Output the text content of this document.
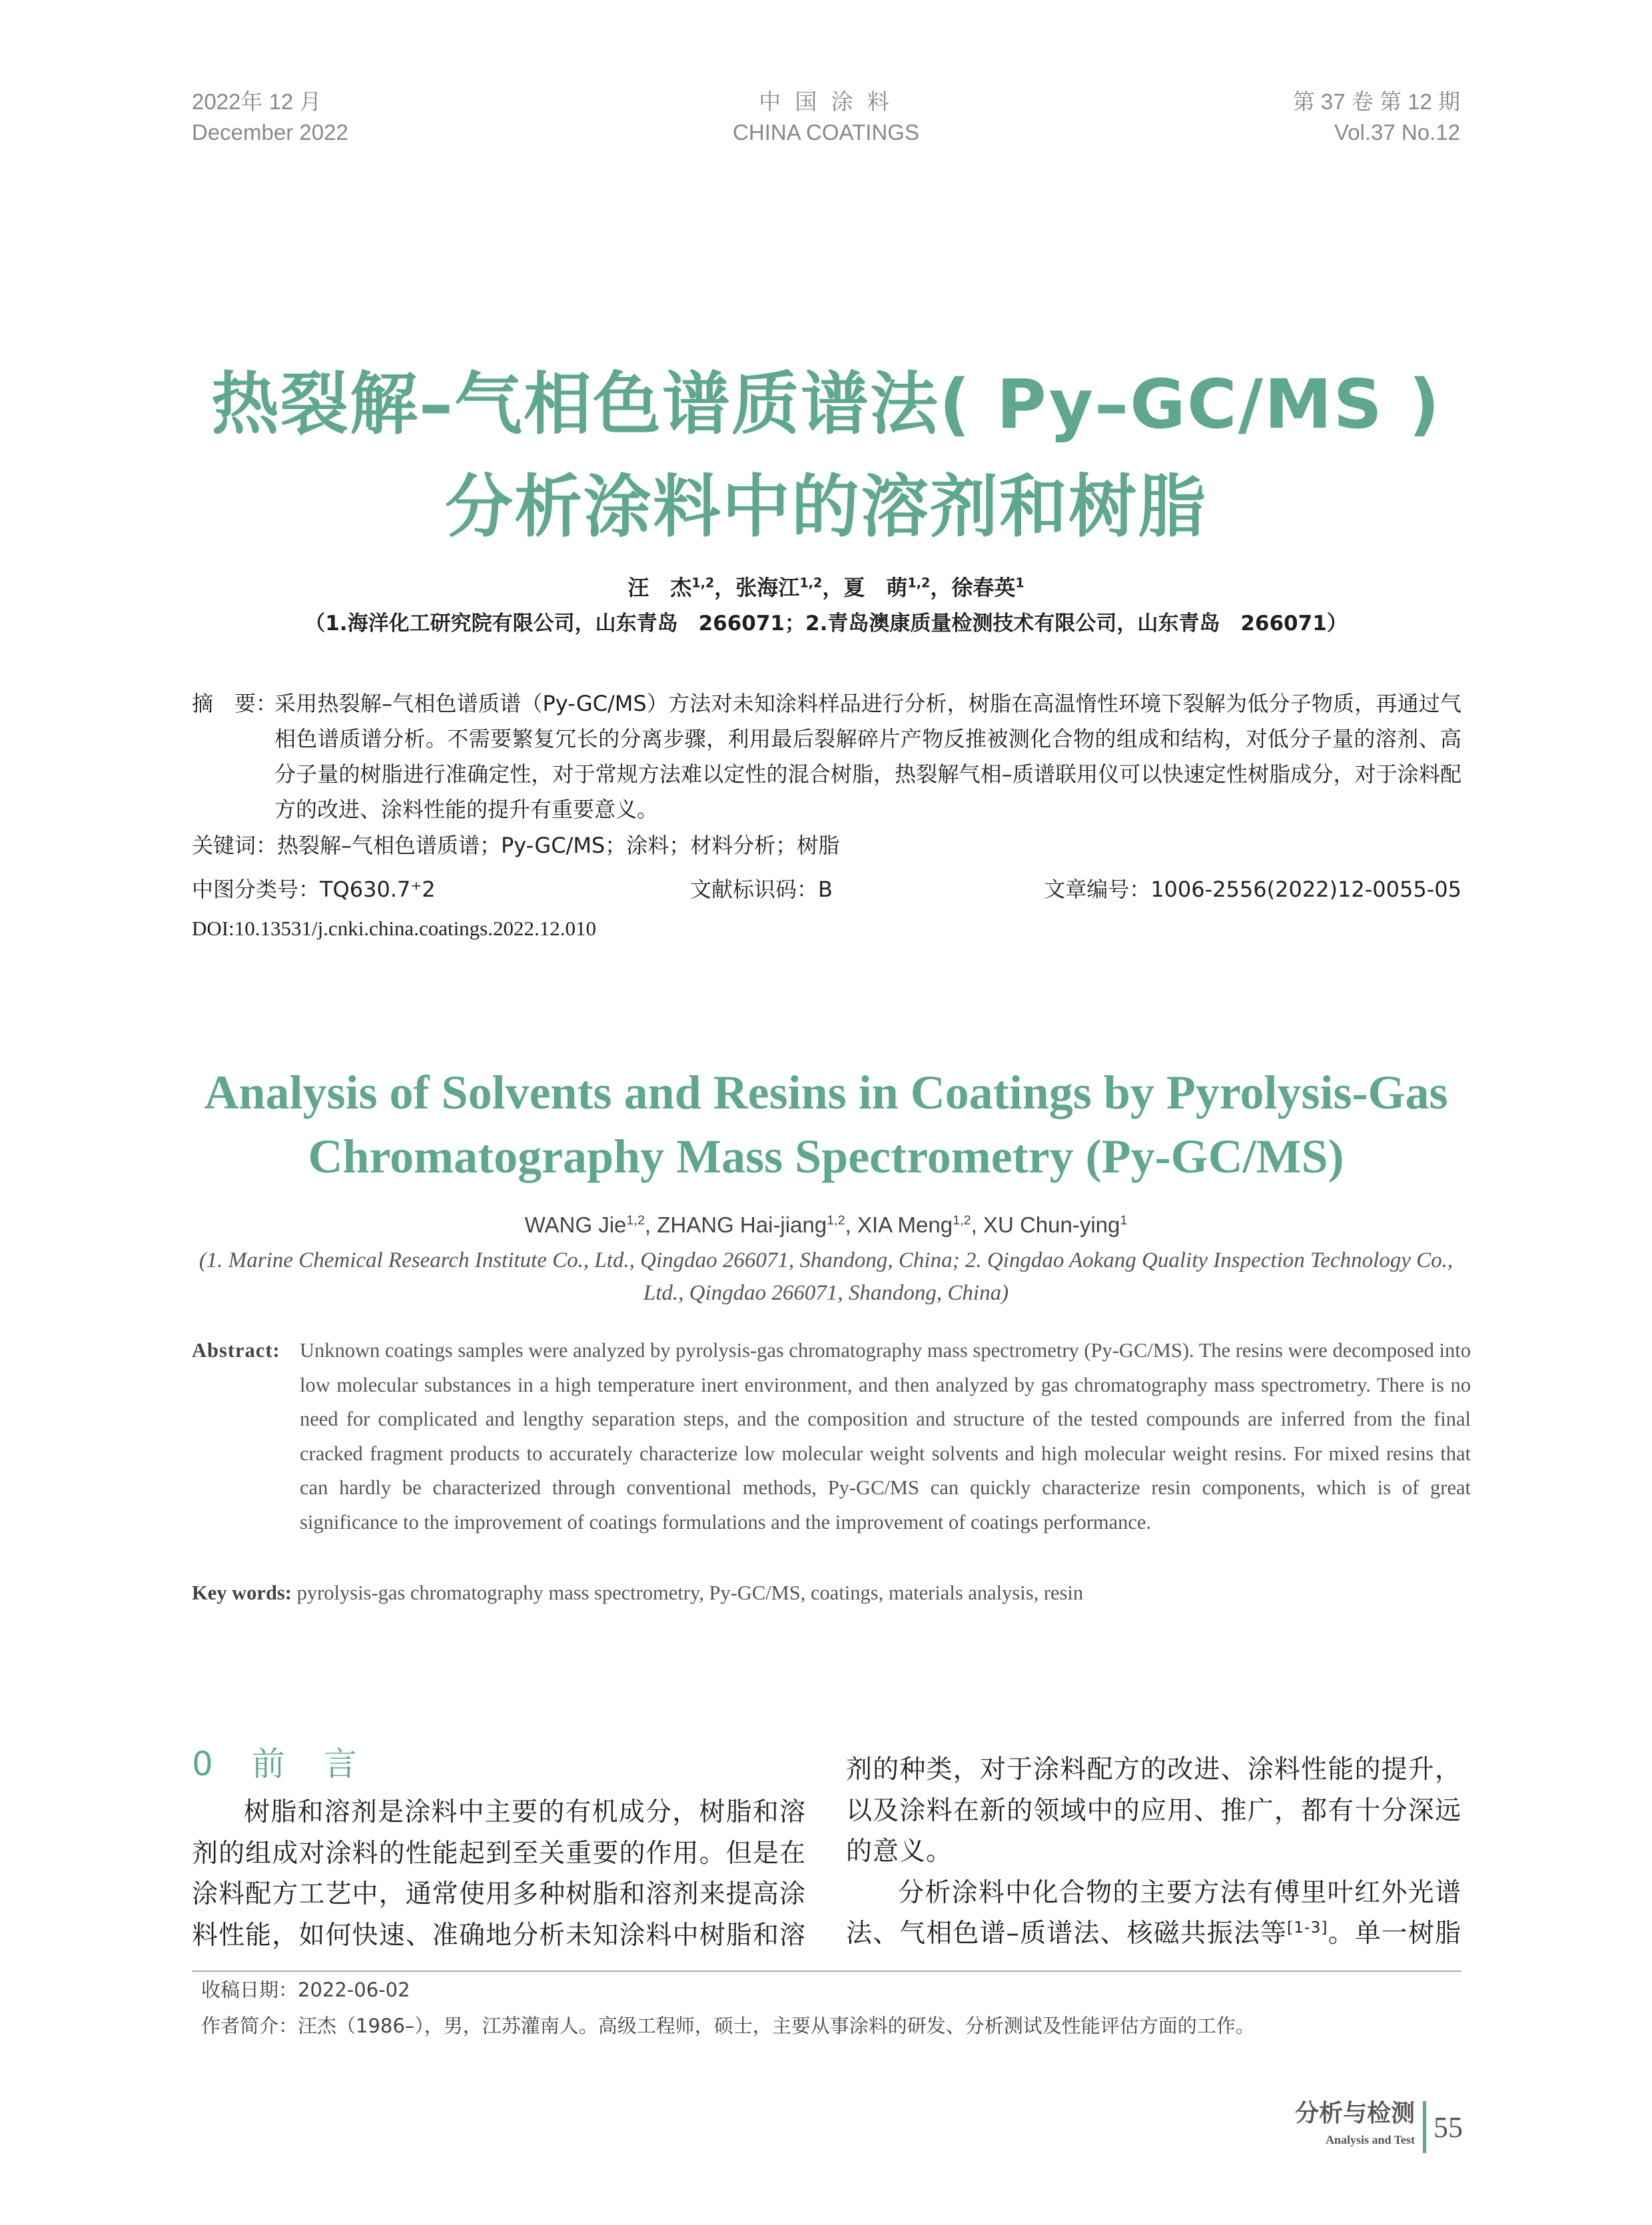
2022年 12 月
December 2022
中 国 涂 料
CHINA COATINGS
第 37 卷 第 12 期
Vol.37 No.12
热裂解–气相色谱质谱法( Py–GC/MS )
分析涂料中的溶剂和树脂
汪　杰$^{1,2}$，张海江$^{1,2}$，夏　萌$^{1,2}$，徐春英$^1$
（1.海洋化工研究院有限公司，山东青岛　266071；2.青岛澳康质量检测技术有限公司，山东青岛　266071）
摘　要：
采用热裂解–气相色谱质谱（Py-GC/MS）方法对未知涂料样品进行分析，树脂在高温惰性环境下裂解为低分子物质，再通过气相色谱质谱分析。不需要繁复冗长的分离步骤，利用最后裂解碎片产物反推被测化合物的组成和结构，对低分子量的溶剂、高分子量的树脂进行准确定性，对于常规方法难以定性的混合树脂，热裂解气相–质谱联用仪可以快速定性树脂成分，对于涂料配方的改进、涂料性能的提升有重要意义。
关键词：热裂解–气相色谱质谱；Py-GC/MS；涂料；材料分析；树脂
中图分类号：TQ630.7⁺2	文献标识码：B	文章编号：1006-2556(2022)12-0055-05
DOI:10.13531/j.cnki.china.coatings.2022.12.010
Analysis of Solvents and Resins in Coatings by Pyrolysis-Gas
Chromatography Mass Spectrometry (Py-GC/MS)
WANG Jie$^{1,2}$, ZHANG Hai-jiang$^{1,2}$, XIA Meng$^{1,2}$, XU Chun-ying$^1$
(1. Marine Chemical Research Institute Co., Ltd., Qingdao 266071, Shandong, China; 2. Qingdao Aokang Quality Inspection Technology Co., Ltd., Qingdao 266071, Shandong, China)
Abstract: Unknown coatings samples were analyzed by pyrolysis-gas chromatography mass spectrometry (Py-GC/MS). The resins were decomposed into low molecular substances in a high temperature inert environment, and then analyzed by gas chromatography mass spectrometry. There is no need for complicated and lengthy separation steps, and the composition and structure of the tested compounds are inferred from the final cracked fragment products to accurately characterize low molecular weight solvents and high molecular weight resins. For mixed resins that can hardly be characterized through conventional methods, Py-GC/MS can quickly characterize resin components, which is of great significance to the improvement of coatings formulations and the improvement of coatings performance.
Key words: pyrolysis-gas chromatography mass spectrometry, Py-GC/MS, coatings, materials analysis, resin
0　前　言

树脂和溶剂是涂料中主要的有机成分，树脂和溶剂的组成对涂料的性能起到至关重要的作用。但是在涂料配方工艺中，通常使用多种树脂和溶剂来提高涂料性能，如何快速、准确地分析未知涂料中树脂和溶

剂的种类，对于涂料配方的改进、涂料性能的提升，以及涂料在新的领域中的应用、推广，都有十分深远的意义。

分析涂料中化合物的主要方法有傅里叶红外光谱法、气相色谱–质谱法、核磁共振法等[1-3]。单一树脂

收稿日期：2022-06-02
作者简介：汪杰（1986–），男，江苏灌南人。高级工程师，硕士，主要从事涂料的研发、分析测试及性能评估方面的工作。
分析与检测
Analysis and Test 55
